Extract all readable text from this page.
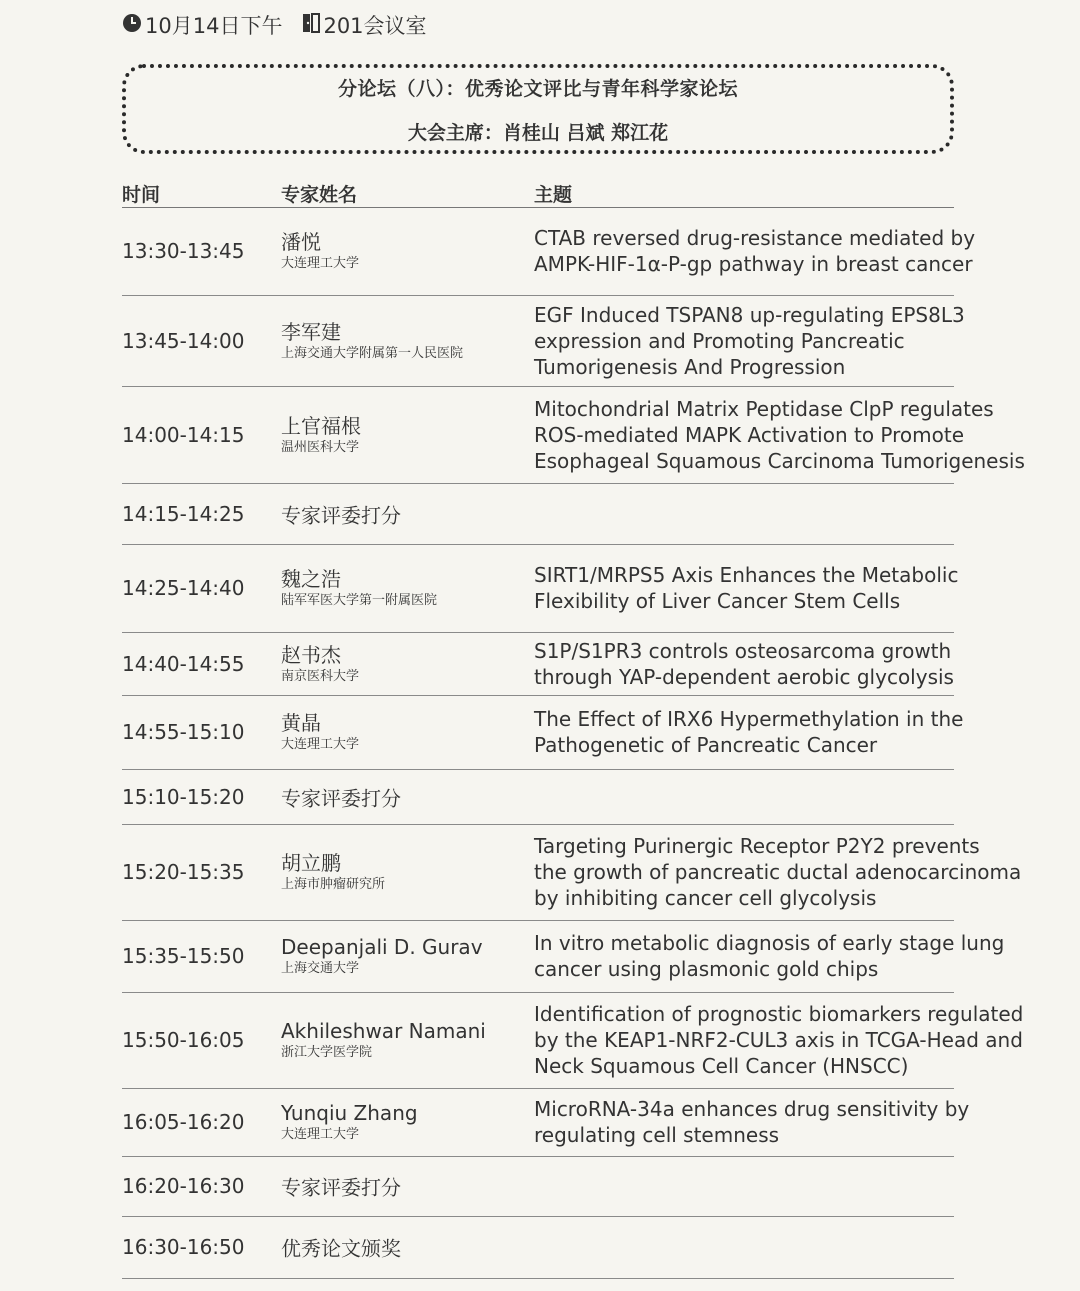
10月14日下午 201会议室
分论坛（八）：优秀论文评比与青年科学家论坛
大会主席：肖桂山 吕斌 郑江花
时间	专家姓名	主题
13:30-13:45 潘悦
大连理工大学
CTAB reversed drug-resistance mediated by
AMPK-HIF-1α-P-gp pathway in breast cancer
13:45-14:00 李军建
上海交通大学附属第一人民医院
EGF Induced TSPAN8 up-regulating EPS8L3
expression and Promoting Pancreatic
Tumorigenesis And Progression
14:00-14:15 上官福根
温州医科大学
Mitochondrial Matrix Peptidase ClpP regulates
ROS-mediated MAPK Activation to Promote
Esophageal Squamous Carcinoma Tumorigenesis
14:15-14:25 专家评委打分
14:25-14:40 魏之浩
陆军军医大学第一附属医院
SIRT1/MRPS5 Axis Enhances the Metabolic
Flexibility of Liver Cancer Stem Cells
14:40-14:55 赵书杰
南京医科大学
S1P/S1PR3 controls osteosarcoma growth
through YAP-dependent aerobic glycolysis
14:55-15:10 黄晶
大连理工大学
The Effect of IRX6 Hypermethylation in the
Pathogenetic of Pancreatic Cancer
15:10-15:20 专家评委打分
15:20-15:35 胡立鹏
上海市肿瘤研究所
Targeting Purinergic Receptor P2Y2 prevents
the growth of pancreatic ductal adenocarcinoma
by inhibiting cancer cell glycolysis
15:35-15:50 Deepanjali D. Gurav
上海交通大学
In vitro metabolic diagnosis of early stage lung
cancer using plasmonic gold chips
15:50-16:05 Akhileshwar Namani
浙江大学医学院
Identification of prognostic biomarkers regulated
by the KEAP1-NRF2-CUL3 axis in TCGA-Head and
Neck Squamous Cell Cancer (HNSCC)
16:05-16:20 Yunqiu Zhang
大连理工大学
MicroRNA-34a enhances drug sensitivity by
regulating cell stemness
16:20-16:30 专家评委打分
16:30-16:50 优秀论文颁奖
